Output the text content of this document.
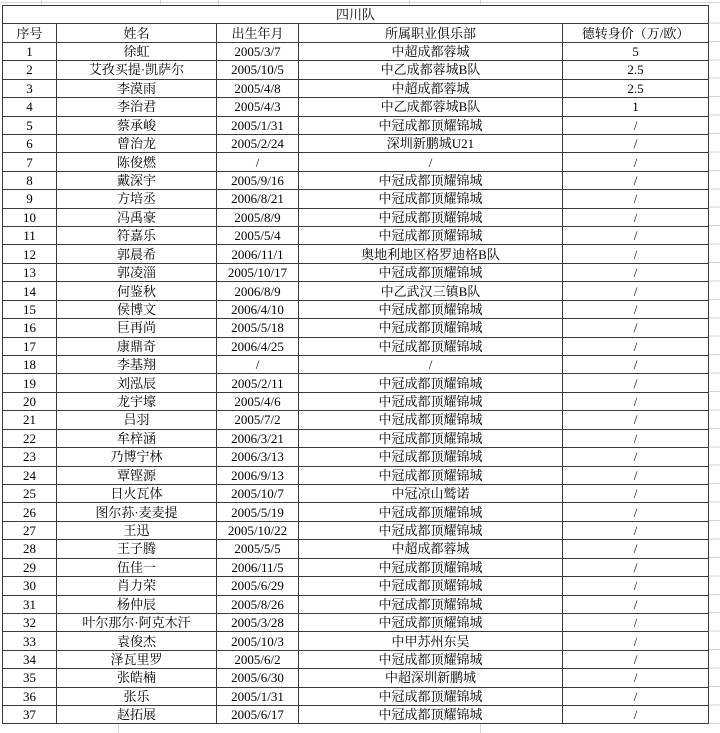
四川队				
序号	姓名	出生年月	所属职业俱乐部	德转身价（万/欧）
1	徐虹	2005/3/7	中超成都蓉城	5
2	艾孜买提·凯萨尔	2005/10/5	中乙成都蓉城B队	2.5
3	李漠雨	2005/4/8	中超成都蓉城	2.5
4	李治君	2005/4/3	中乙成都蓉城B队	1
5	蔡承峻	2005/1/31	中冠成都顶耀锦城	/
6	曾治龙	2005/2/24	深圳新鹏城U21	/
7	陈俊燃	/	/	/
8	戴深宇	2005/9/16	中冠成都顶耀锦城	/
9	方培丞	2006/8/21	中冠成都顶耀锦城	/
10	冯禹豪	2005/8/9	中冠成都顶耀锦城	/
11	符嘉乐	2005/5/4	中冠成都顶耀锦城	/
12	郭晨希	2006/11/1	奥地利地区格罗迪格B队	/
13	郭凌淄	2005/10/17	中冠成都顶耀锦城	/
14	何鉴秋	2006/8/9	中乙武汉三镇B队	/
15	侯博文	2006/4/10	中冠成都顶耀锦城	/
16	巨再尚	2005/5/18	中冠成都顶耀锦城	/
17	康鼎奇	2006/4/25	中冠成都顶耀锦城	/
18	李基翔	/	/	/
19	刘泓辰	2005/2/11	中冠成都顶耀锦城	/
20	龙宇壕	2005/4/6	中冠成都顶耀锦城	/
21	吕羽	2005/7/2	中冠成都顶耀锦城	/
22	牟梓涵	2006/3/21	中冠成都顶耀锦城	/
23	乃博宁林	2006/3/13	中冠成都顶耀锦城	/
24	覃铿源	2006/9/13	中冠成都顶耀锦城	/
25	日火瓦体	2005/10/7	中冠凉山鹫诺	/
26	图尔荪·麦麦提	2005/5/19	中冠成都顶耀锦城	/
27	王迅	2005/10/22	中冠成都顶耀锦城	/
28	王子腾	2005/5/5	中超成都蓉城	/
29	伍佳一	2006/11/5	中冠成都顶耀锦城	/
30	肖力荣	2005/6/29	中冠成都顶耀锦城	/
31	杨仲辰	2005/8/26	中冠成都顶耀锦城	/
32	叶尔那尔·阿克木汗	2005/3/28	中冠成都顶耀锦城	/
33	袁俊杰	2005/10/3	中甲苏州东吴	/
34	泽瓦里罗	2005/6/2	中冠成都顶耀锦城	/
35	张皓楠	2005/6/30	中超深圳新鹏城	/
36	张乐	2005/1/31	中冠成都顶耀锦城	/
37	赵拓展	2005/6/17	中冠成都顶耀锦城	/
